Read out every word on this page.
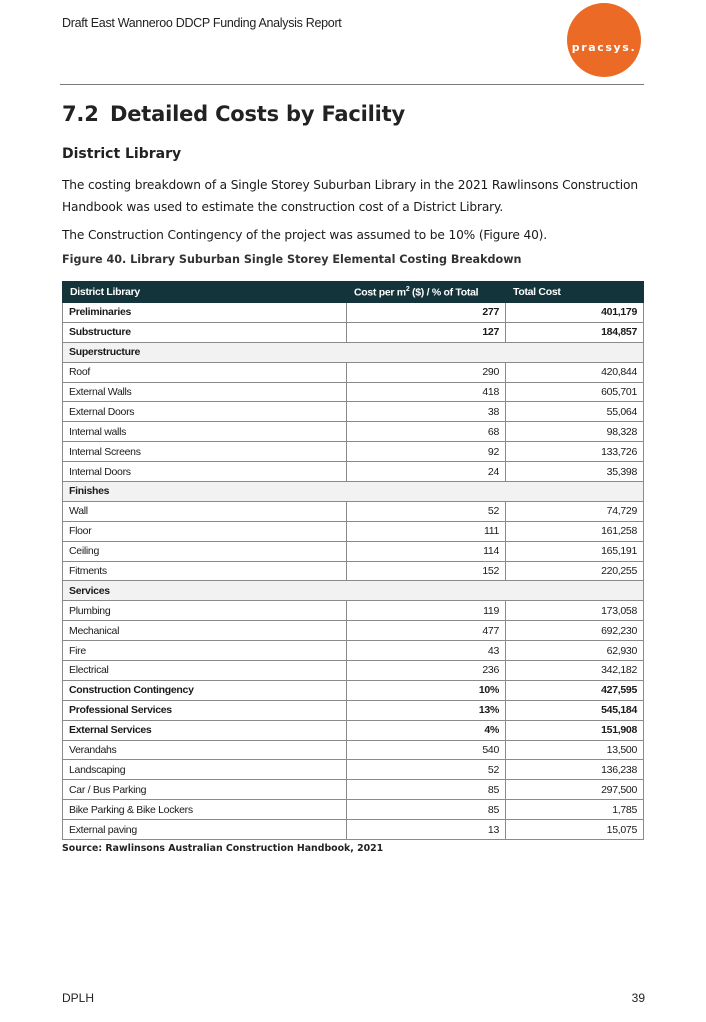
Draft East Wanneroo DDCP Funding Analysis Report
pracsys.
7.2 Detailed Costs by Facility
District Library

The costing breakdown of a Single Storey Suburban Library in the 2021 Rawlinsons Construction Handbook was used to estimate the construction cost of a District Library.

The Construction Contingency of the project was assumed to be 10% (Figure 40).

Figure 40. Library Suburban Single Storey Elemental Costing Breakdown

District Library	Cost per $m^2$ ($) / % of Total	Total Cost
Preliminaries	277	401,179
Substructure	127	184,857
Superstructure		
Roof	290	420,844
External Walls	418	605,701
External Doors	38	55,064
Internal walls	68	98,328
Internal Screens	92	133,726
Internal Doors	24	35,398
Finishes		
Wall	52	74,729
Floor	111	161,258
Ceiling	114	165,191
Fitments	152	220,255
Services		
Plumbing	119	173,058
Mechanical	477	692,230
Fire	43	62,930
Electrical	236	342,182
Construction Contingency	10%	427,595
Professional Services	13%	545,184
External Services	4%	151,908
Verandahs	540	13,500
Landscaping	52	136,238
Car / Bus Parking	85	297,500
Bike Parking & Bike Lockers	85	1,785
External paving	13	15,075

Source: Rawlinsons Australian Construction Handbook, 2021

DPLH	39
